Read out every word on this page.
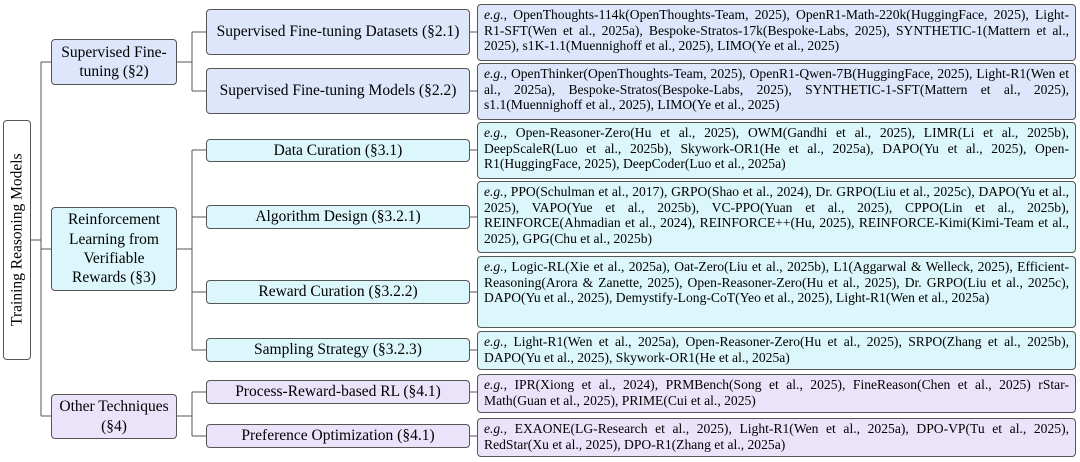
Training Reasoning Models
Supervised Fine-tuning (§2)
Reinforcement Learning from Verifiable Rewards (§3)
Other Techniques (§4)
Supervised Fine-tuning Datasets (§2.1)
Supervised Fine-tuning Models (§2.2)
Data Curation (§3.1)
Algorithm Design (§3.2.1)
Reward Curation (§3.2.2)
Sampling Strategy (§3.2.3)
Process-Reward-based RL (§4.1)
Preference Optimization (§4.1)
e.g., OpenThoughts-114k(OpenThoughts-Team, 2025), OpenR1-Math-220k(HuggingFace, 2025), Light-R1-SFT(Wen et al., 2025a), Bespoke-Stratos-17k(Bespoke-Labs, 2025), SYNTHETIC-1(Mattern et al., 2025), s1K-1.1(Muennighoff et al., 2025), LIMO(Ye et al., 2025)
e.g., OpenThinker(OpenThoughts-Team, 2025), OpenR1-Qwen-7B(HuggingFace, 2025), Light-R1(Wen et al., 2025a), Bespoke-Stratos(Bespoke-Labs, 2025), SYNTHETIC-1-SFT(Mattern et al., 2025), s1.1(Muennighoff et al., 2025), LIMO(Ye et al., 2025)
e.g., Open-Reasoner-Zero(Hu et al., 2025), OWM(Gandhi et al., 2025), LIMR(Li et al., 2025b), DeepScaleR(Luo et al., 2025b), Skywork-OR1(He et al., 2025a), DAPO(Yu et al., 2025), Open-R1(HuggingFace, 2025), DeepCoder(Luo et al., 2025a)
e.g., PPO(Schulman et al., 2017), GRPO(Shao et al., 2024), Dr. GRPO(Liu et al., 2025c), DAPO(Yu et al., 2025), VAPO(Yue et al., 2025b), VC-PPO(Yuan et al., 2025), CPPO(Lin et al., 2025b), REINFORCE(Ahmadian et al., 2024), REINFORCE++(Hu, 2025), REINFORCE-Kimi(Kimi-Team et al., 2025), GPG(Chu et al., 2025b)
e.g., Logic-RL(Xie et al., 2025a), Oat-Zero(Liu et al., 2025b), L1(Aggarwal & Welleck, 2025), Efficient-Reasoning(Arora & Zanette, 2025), Open-Reasoner-Zero(Hu et al., 2025), Dr. GRPO(Liu et al., 2025c), DAPO(Yu et al., 2025), Demystify-Long-CoT(Yeo et al., 2025), Light-R1(Wen et al., 2025a)
e.g., Light-R1(Wen et al., 2025a), Open-Reasoner-Zero(Hu et al., 2025), SRPO(Zhang et al., 2025b), DAPO(Yu et al., 2025), Skywork-OR1(He et al., 2025a)
e.g., IPR(Xiong et al., 2024), PRMBench(Song et al., 2025), FineReason(Chen et al., 2025) rStar-Math(Guan et al., 2025), PRIME(Cui et al., 2025)
e.g., EXAONE(LG-Research et al., 2025), Light-R1(Wen et al., 2025a), DPO-VP(Tu et al., 2025), RedStar(Xu et al., 2025), DPO-R1(Zhang et al., 2025a)
